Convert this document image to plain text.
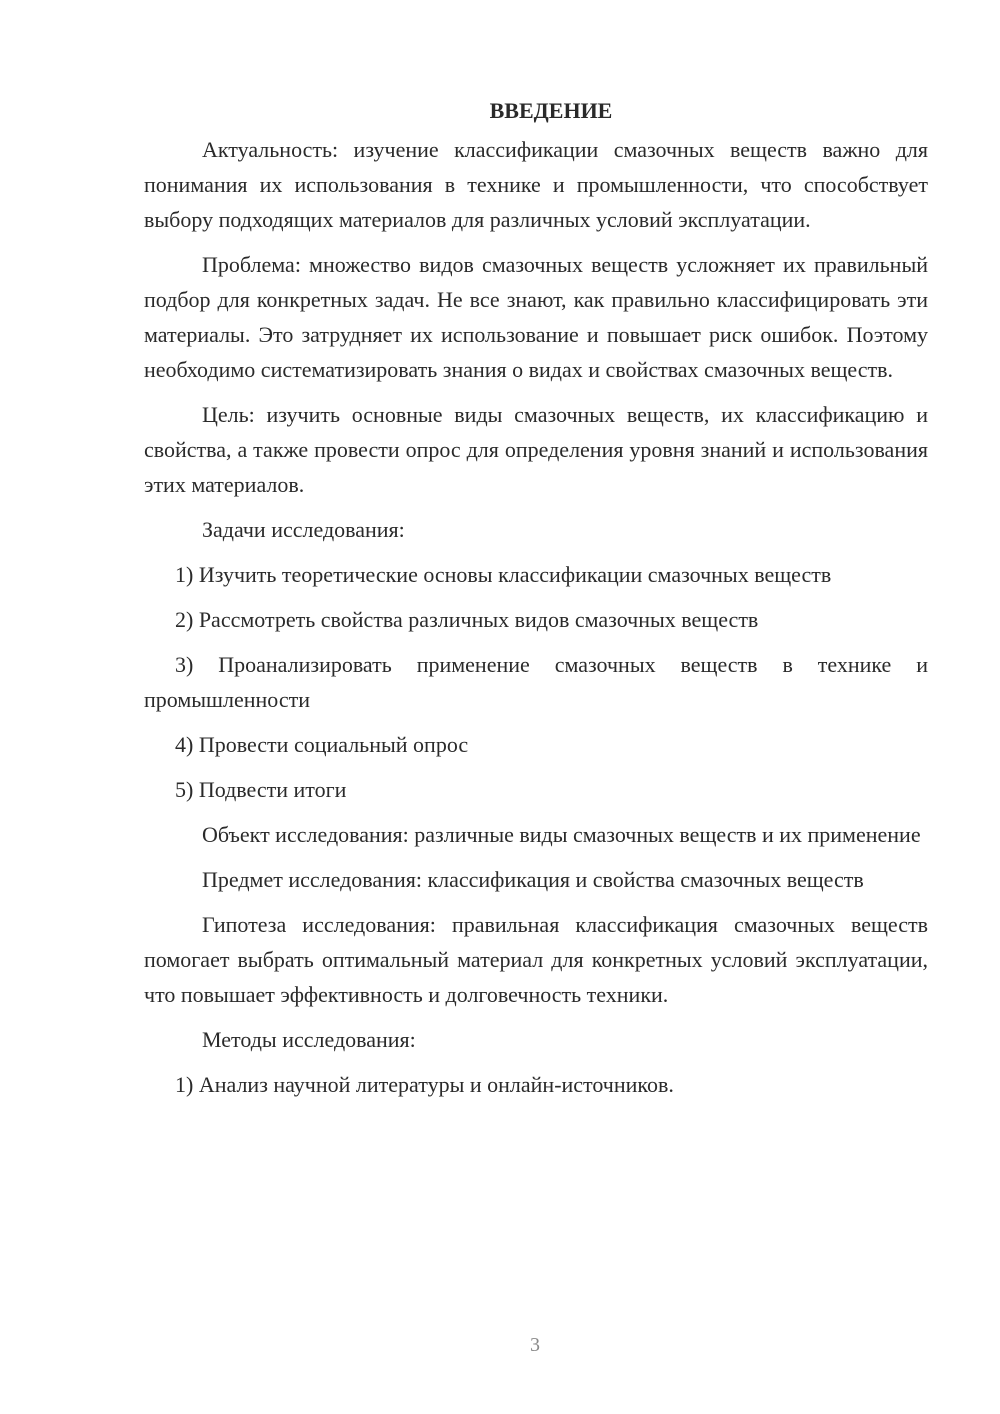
ВВЕДЕНИЕ

Актуальность: изучение классификации смазочных веществ важно для понимания их использования в технике и промышленности, что способствует выбору подходящих материалов для различных условий эксплуатации.

Проблема: множество видов смазочных веществ усложняет их правильный подбор для конкретных задач. Не все знают, как правильно классифицировать эти материалы. Это затрудняет их использование и повышает риск ошибок. Поэтому необходимо систематизировать знания о видах и свойствах смазочных веществ.

Цель: изучить основные виды смазочных веществ, их классификацию и свойства, а также провести опрос для определения уровня знаний и использования этих материалов.

Задачи исследования:

1) Изучить теоретические основы классификации смазочных веществ

2) Рассмотреть свойства различных видов смазочных веществ

3) Проанализировать применение смазочных веществ в технике и промышленности

4) Провести социальный опрос

5) Подвести итоги

Объект исследования: различные виды смазочных веществ и их применение

Предмет исследования: классификация и свойства смазочных веществ

Гипотеза исследования: правильная классификация смазочных веществ помогает выбрать оптимальный материал для конкретных условий эксплуатации, что повышает эффективность и долговечность техники.

Методы исследования:

1) Анализ научной литературы и онлайн-источников.

3
